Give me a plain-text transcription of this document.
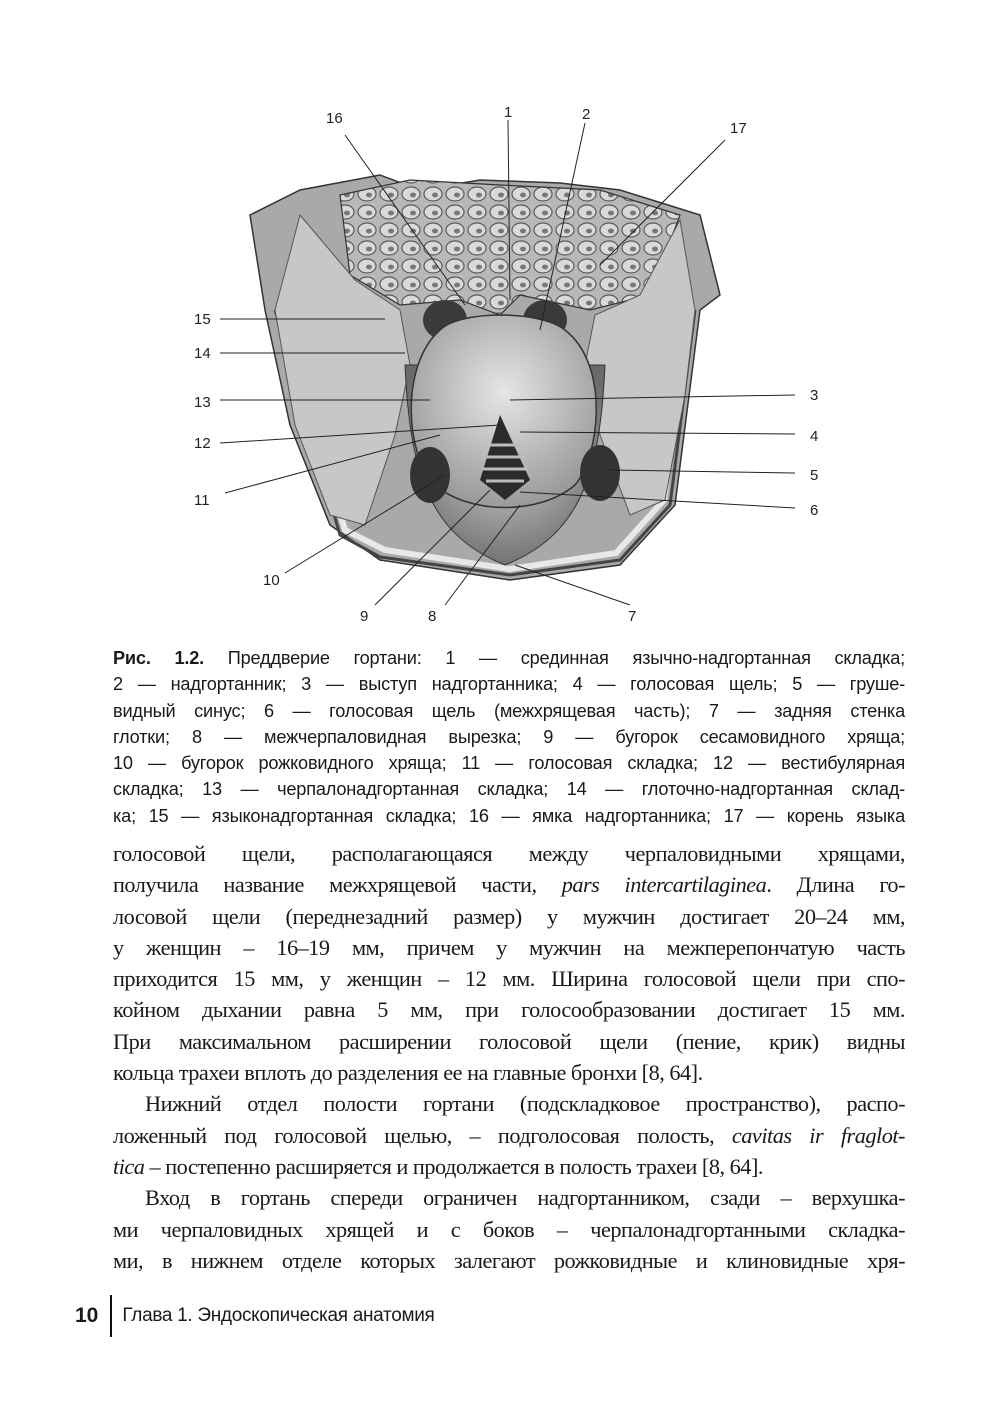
16	1	2
17
15
14
13
12
11
10
9	8	7
6
5
4
3
Рис. 1.2. Преддверие гортани: 1 — срединная язычно-надгортанная складка;
2 — надгортанник; 3 — выступ надгортанника; 4 — голосовая щель; 5 — груше-
видный синус; 6 — голосовая щель (межхрящевая часть); 7 — задняя стенка
глотки; 8 — межчерпаловидная вырезка; 9 — бугорок сесамовидного хряща;
10 — бугорок рожковидного хряща; 11 — голосовая складка; 12 — вестибулярная
складка; 13 — черпалонадгортанная складка; 14 — глоточно-надгортанная склад-
ка; 15 — языконадгортанная складка; 16 — ямка надгортанника; 17 — корень языка
голосовой щели, располагающаяся между черпаловидными хрящами,
получила название межхрящевой части, pars intercartilaginea. Длина го-
лосовой щели (переднезадний размер) у мужчин достигает 20–24 мм,
у женщин – 16–19 мм, причем у мужчин на межперепончатую часть
приходится 15 мм, у женщин – 12 мм. Ширина голосовой щели при спо-
койном дыхании равна 5 мм, при голосообразовании достигает 15 мм.
При максимальном расширении голосовой щели (пение, крик) видны
кольца трахеи вплоть до разделения ее на главные бронхи [8, 64].
Нижний отдел полости гортани (подскладковое пространство), распо-
ложенный под голосовой щелью, – подголосовая полость, cavitas ir fraglot-
tica – постепенно расширяется и продолжается в полость трахеи [8, 64].
Вход в гортань спереди ограничен надгортанником, сзади – верхушка-
ми черпаловидных хрящей и с боков – черпалонадгортанными складка-
ми, в нижнем отделе которых залегают рожковидные и клиновидные хря-
10 Глава 1. Эндоскопическая анатомия
